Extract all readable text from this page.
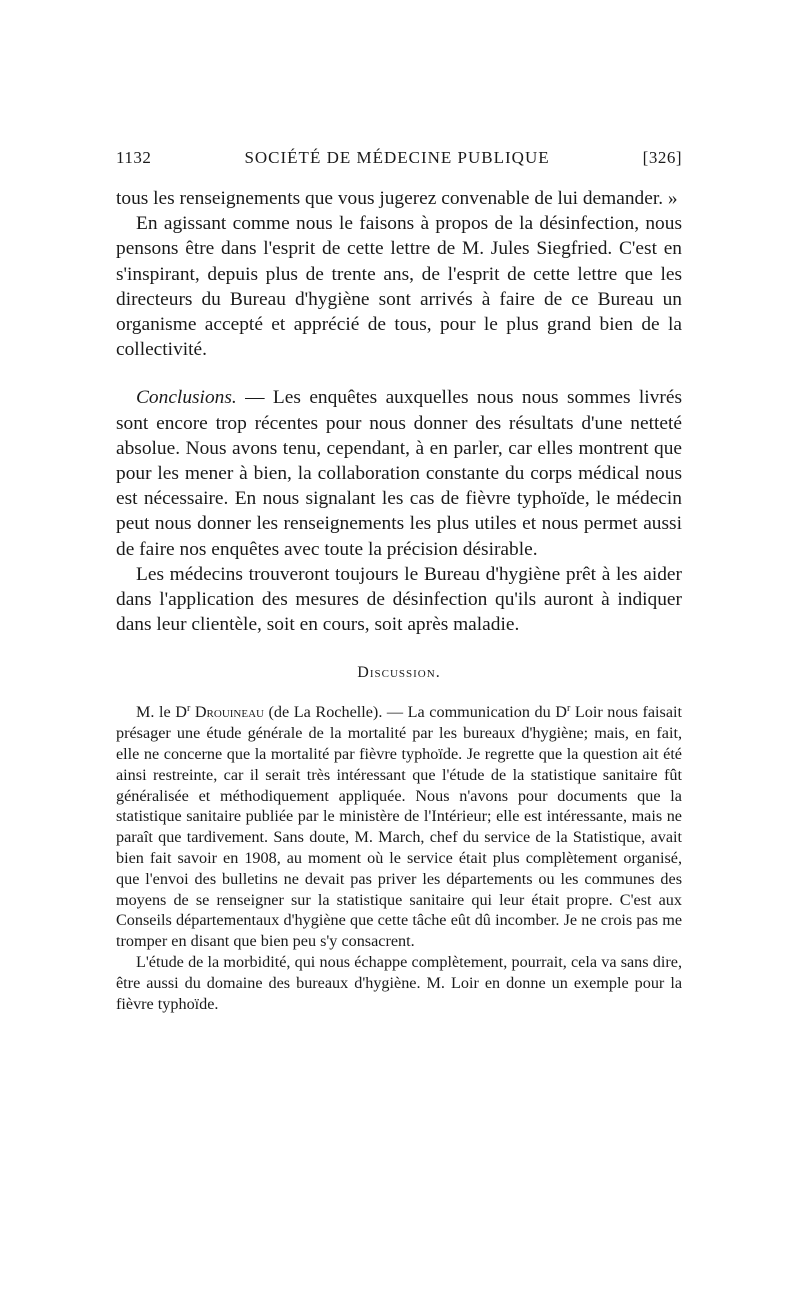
1132	SOCIÉTÉ DE MÉDECINE PUBLIQUE	[326]

tous les renseignements que vous jugerez convenable de lui demander. »

En agissant comme nous le faisons à propos de la désinfection, nous pensons être dans l'esprit de cette lettre de M. Jules Siegfried. C'est en s'inspirant, depuis plus de trente ans, de l'esprit de cette lettre que les directeurs du Bureau d'hygiène sont arrivés à faire de ce Bureau un organisme accepté et apprécié de tous, pour le plus grand bien de la collectivité.

Conclusions. — Les enquêtes auxquelles nous nous sommes livrés sont encore trop récentes pour nous donner des résultats d'une netteté absolue. Nous avons tenu, cependant, à en parler, car elles montrent que pour les mener à bien, la collaboration constante du corps médical nous est nécessaire. En nous signalant les cas de fièvre typhoïde, le médecin peut nous donner les renseignements les plus utiles et nous permet aussi de faire nos enquêtes avec toute la précision désirable.

Les médecins trouveront toujours le Bureau d'hygiène prêt à les aider dans l'application des mesures de désinfection qu'ils auront à indiquer dans leur clientèle, soit en cours, soit après maladie.

Discussion.

M. le $D^r$ Drouineau (de La Rochelle). — La communication du $D^r$ Loir nous faisait présager une étude générale de la mortalité par les bureaux d'hygiène; mais, en fait, elle ne concerne que la mortalité par fièvre typhoïde. Je regrette que la question ait été ainsi restreinte, car il serait très intéressant que l'étude de la statistique sanitaire fût généralisée et méthodiquement appliquée. Nous n'avons pour documents que la statistique sanitaire publiée par le ministère de l'Intérieur; elle est intéressante, mais ne paraît que tardivement. Sans doute, M. March, chef du service de la Statistique, avait bien fait savoir en 1908, au moment où le service était plus complètement organisé, que l'envoi des bulletins ne devait pas priver les départements ou les communes des moyens de se renseigner sur la statistique sanitaire qui leur était propre. C'est aux Conseils départementaux d'hygiène que cette tâche eût dû incomber. Je ne crois pas me tromper en disant que bien peu s'y consacrent.

L'étude de la morbidité, qui nous échappe complètement, pourrait, cela va sans dire, être aussi du domaine des bureaux d'hygiène. M. Loir en donne un exemple pour la fièvre typhoïde.
